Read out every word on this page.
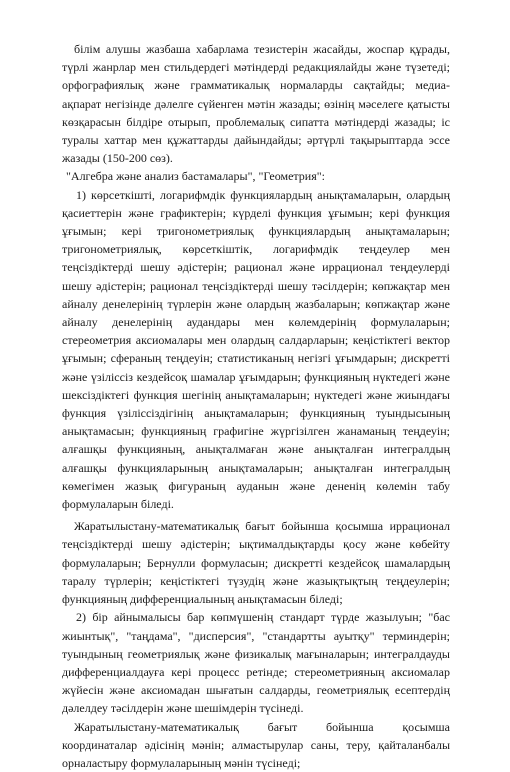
білім алушы жазбаша хабарлама тезистерін жасайды, жоспар құрады, түрлі жанрлар мен стильдердегі мәтіндерді редакциялайды және түзетеді; орфографиялық және грамматикалық нормаларды сақтайды; медиа-ақпарат негізінде дәлелге сүйенген мәтін жазады; өзінің мәселеге қатысты көзқарасын білдіре отырып, проблемалық сипатта мәтіндерді жазады; іс туралы хаттар мен құжаттарды дайындайды; әртүрлі тақырыптарда эссе жазады (150-200 сөз).

"Алгебра және анализ бастамалары", "Геометрия":

1) көрсеткіштi, логарифмдік функциялардың анықтамаларын, олардың қасиеттерін және графиктерін; күрделі функция ұғымын; кері функция ұғымын; кері тригонометриялық функциялардың анықтамаларын; тригонометриялық, көрсеткіштік, логарифмдік теңдеулер мен теңсіздіктерді шешу әдістерін; рационал және иррационал теңдеулерді шешу әдістерін; рационал теңсіздіктерді шешу тәсілдерін; көпжақтар мен айналу денелерінің түрлерін және олардың жазбаларын; көпжақтар және айналу денелерінің аудандары мен көлемдерінің формулаларын; стереометрия аксиомалары мен олардың салдарларын; кеңістіктегі вектор ұғымын; сфераның теңдеуін; статистиканың негізгі ұғымдарын; дискретті және үзіліссіз кездейсоқ шамалар ұғымдарын; функцияның нүктедегі және шексіздіктегі функция шегінің анықтамаларын; нүктедегі және жиындағы функция үзіліссіздігінің анықтамаларын; функцияның туындысының анықтамасын; функцияның графигіне жүргізілген жанаманың теңдеуін; алғашқы функцияның, анықталмаған және анықталған интегралдың алғашқы функцияларының анықтамаларын; анықталған интегралдың көмегімен жазық фигураның ауданын және дененің көлемін табу формулаларын біледі.

Жаратылыстану-математикалық бағыт бойынша қосымша иррационал теңсіздіктерді шешу әдістерін; ықтималдықтарды қосу және көбейту формулаларын; Бернулли формуласын; дискретті кездейсоқ шамалардың таралу түрлерін; кеңістіктегі түзудің және жазықтықтың теңдеулерін; функцияның дифференциалының анықтамасын біледі;

2) бір айнымалысы бар көпмүшенің стандарт түрде жазылуын; "бас жиынтық", "таңдама", "дисперсия", "стандартты ауытқу" терминдерін; туындының геометриялық және физикалық мағыналарын; интегралдауды дифференциалдауға кері процесс ретінде; стереометрияның аксиомалар жүйесін және аксиомадан шығатын салдарды, геометриялық есептердің дәлелдеу тәсілдерін және шешімдерін түсінеді.

Жаратылыстану-математикалық бағыт бойынша қосымша координаталар әдісінің мәнін; алмастырулар саны, теру, қайталанбалы орналастыру формулаларының мәнін түсінеді;
